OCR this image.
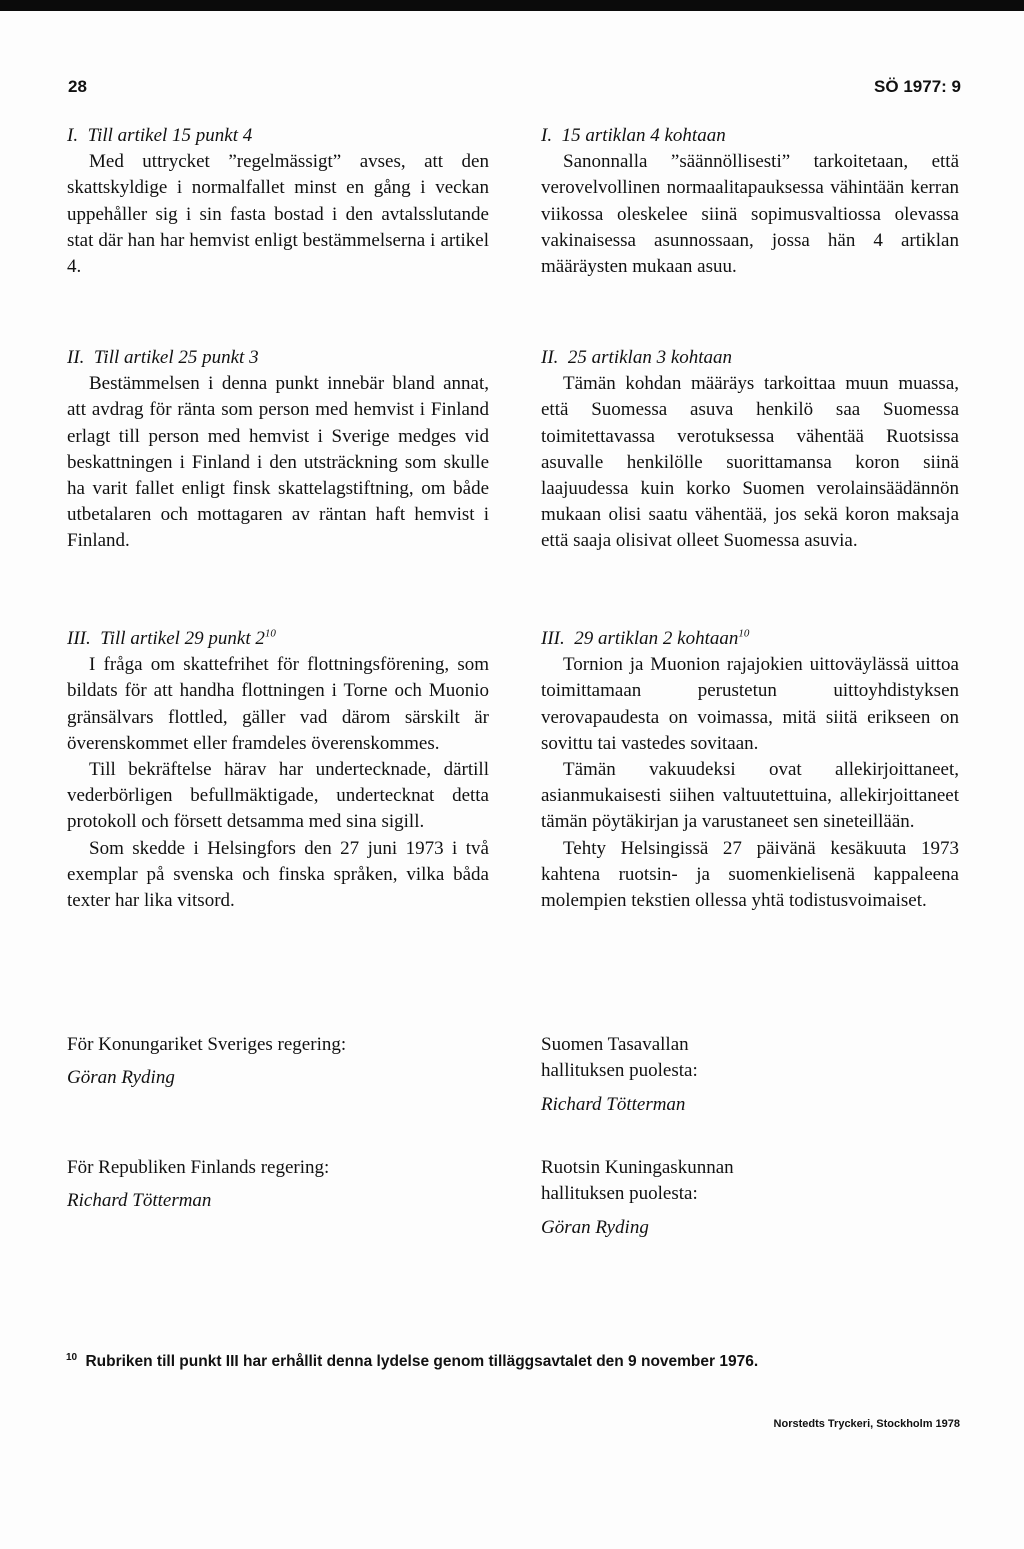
28	SÖ 1977: 9

I. Till artikel 15 punkt 4

Med uttrycket ”regelmässigt” avses, att den skattskyldige i normalfallet minst en gång i veckan uppehåller sig i sin fasta bostad i den avtalsslutande stat där han har hemvist enligt bestämmelserna i artikel 4.

II. Till artikel 25 punkt 3

Bestämmelsen i denna punkt innebär bland annat, att avdrag för ränta som person med hemvist i Finland erlagt till person med hemvist i Sverige medges vid beskattningen i Finland i den utsträckning som skulle ha varit fallet enligt finsk skattelagstiftning, om både utbetalaren och mottagaren av räntan haft hemvist i Finland.

III. Till artikel 29 punkt $2^{10}$

I fråga om skattefrihet för flottningsförening, som bildats för att handha flottningen i Torne och Muonio gränsälvars flottled, gäller vad därom särskilt är överenskommet eller framdeles överenskommes.

Till bekräftelse härav har undertecknade, därtill vederbörligen befullmäktigade, undertecknat detta protokoll och försett detsamma med sina sigill.

Som skedde i Helsingfors den 27 juni 1973 i två exemplar på svenska och finska språken, vilka båda texter har lika vitsord.

För Konungariket Sveriges regering:

Göran Ryding

För Republiken Finlands regering:

Richard Tötterman

I. 15 artiklan 4 kohtaan

Sanonnalla ”säännöllisesti” tarkoitetaan, että verovelvollinen normaalitapauksessa vähintään kerran viikossa oleskelee siinä sopimusvaltiossa olevassa vakinaisessa asunnossaan, jossa hän 4 artiklan määräysten mukaan asuu.

II. 25 artiklan 3 kohtaan

Tämän kohdan määräys tarkoittaa muun muassa, että Suomessa asuva henkilö saa Suomessa toimitettavassa verotuksessa vähentää Ruotsissa asuvalle henkilölle suorittamansa koron siinä laajuudessa kuin korko Suomen verolainsäädännön mukaan olisi saatu vähentää, jos sekä koron maksaja että saaja olisivat olleet Suomessa asuvia.

III. 29 artiklan 2 kohtaan$^{10}$

Tornion ja Muonion rajajokien uittoväylässä uittoa toimittamaan perustetun uittoyhdistyksen verovapaudesta on voimassa, mitä siitä erikseen on sovittu tai vastedes sovitaan.

Tämän vakuudeksi ovat allekirjoittaneet, asianmukaisesti siihen valtuutettuina, allekirjoittaneet tämän pöytäkirjan ja varustaneet sen sineteillään.

Tehty Helsingissä 27 päivänä kesäkuuta 1973 kahtena ruotsin- ja suomenkielisenä kappaleena molempien tekstien ollessa yhtä todistusvoimaiset.

Suomen Tasavallan

hallituksen puolesta:

Richard Tötterman

Ruotsin Kuningaskunnan

hallituksen puolesta:

Göran Ryding

$^{10}$ Rubriken till punkt III har erhållit denna lydelse genom tilläggsavtalet den 9 november 1976.
Norstedts Tryckeri, Stockholm 1978
